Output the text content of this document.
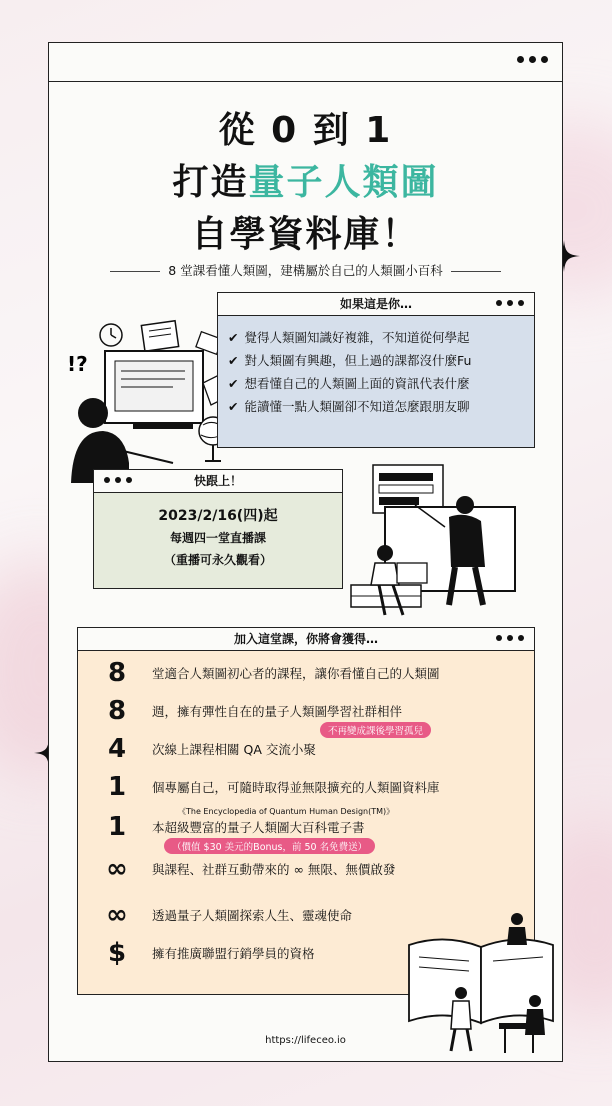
從 0 到 1
打造量子人類圖
自學資料庫！
8 堂課看懂人類圖，建構屬於自己的人類圖小百科
!?
如果這是你…
✔ 覺得人類圖知識好複雜，不知道從何學起
✔ 對人類圖有興趣，但上過的課都沒什麼Fu
✔ 想看懂自己的人類圖上面的資訊代表什麼
✔ 能讀懂一點人類圖卻不知道怎麼跟朋友聊
快跟上！
2023/2/16(四)起
每週四一堂直播課
（重播可永久觀看）
加入這堂課，你將會獲得…
8	堂適合人類圖初心者的課程，讓你看懂自己的人類圖
8	週，擁有彈性自在的量子人類圖學習社群相伴
不再變成課後學習孤兒
4	次線上課程相關 QA 交流小聚
1	個專屬自己，可隨時取得並無限擴充的人類圖資料庫
《The Encyclopedia of Quantum Human Design(TM)》
1	本超級豐富的量子人類圖大百科電子書
（價值 $30 美元的Bonus，前 50 名免費送）
∞	與課程、社群互動帶來的 ∞ 無限、無價啟發
∞	透過量子人類圖探索人生、靈魂使命
$	擁有推廣聯盟行銷學員的資格
https://lifeceo.io
